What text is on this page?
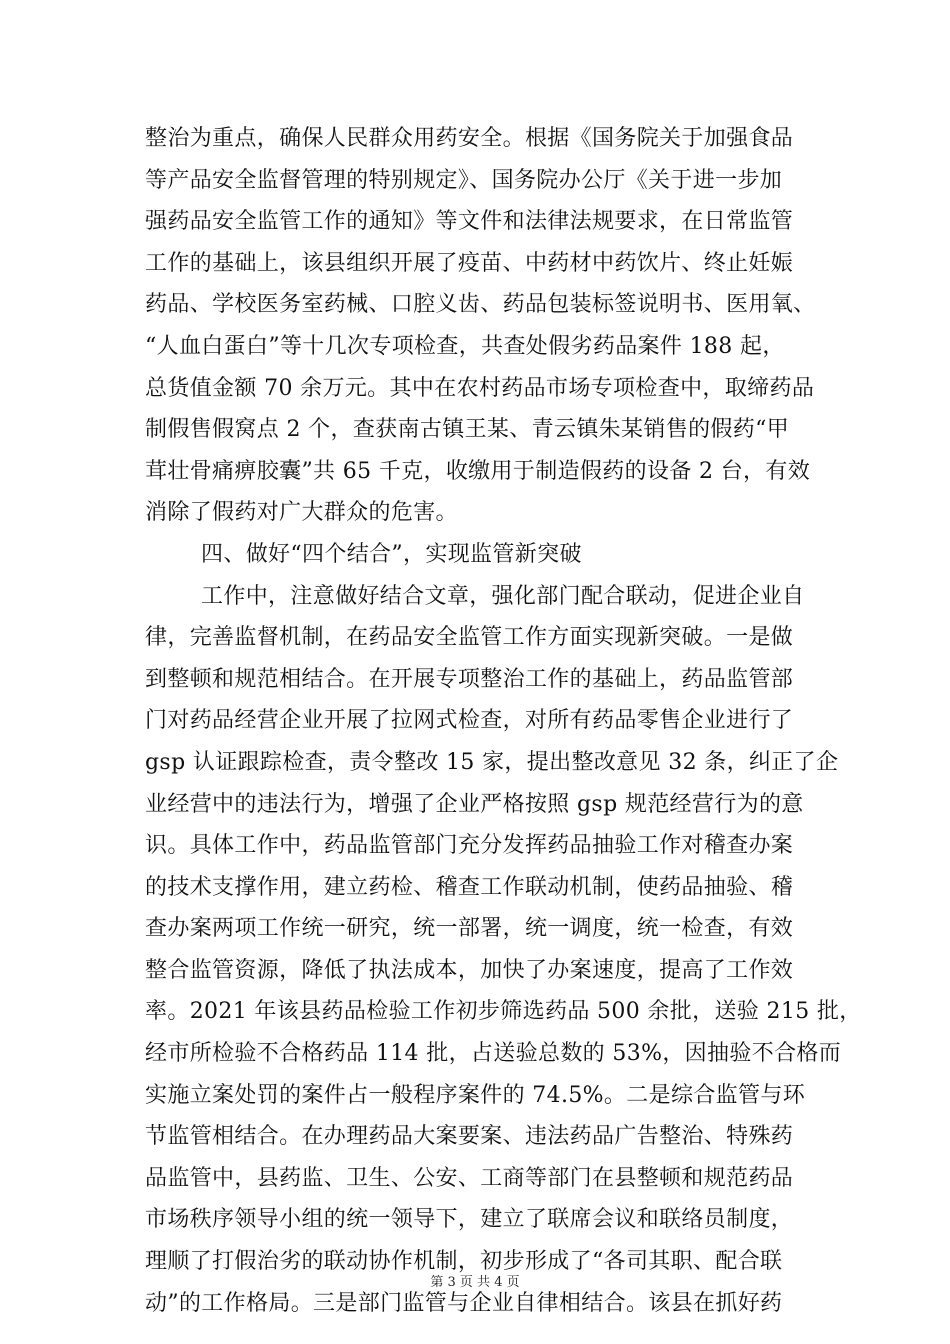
整治为重点，确保人民群众用药安全。根据《国务院关于加强食品
等产品安全监督管理的特别规定》、国务院办公厅《关于进一步加
强药品安全监管工作的通知》等文件和法律法规要求，在日常监管
工作的基础上，该县组织开展了疫苗、中药材中药饮片、终止妊娠
药品、学校医务室药械、口腔义齿、药品包装标签说明书、医用氧、
“人血白蛋白”等十几次专项检查，共查处假劣药品案件 188 起，
总货值金额 70 余万元。其中在农村药品市场专项检查中，取缔药品
制假售假窝点 2 个，查获南古镇王某、青云镇朱某销售的假药“甲
茸壮骨痛痹胶囊”共 65 千克，收缴用于制造假药的设备 2 台，有效
消除了假药对广大群众的危害。
四、做好“四个结合”，实现监管新突破
工作中，注意做好结合文章，强化部门配合联动，促进企业自
律，完善监督机制，在药品安全监管工作方面实现新突破。一是做
到整顿和规范相结合。在开展专项整治工作的基础上，药品监管部
门对药品经营企业开展了拉网式检查，对所有药品零售企业进行了
gsp 认证跟踪检查，责令整改 15 家，提出整改意见 32 条，纠正了企
业经营中的违法行为，增强了企业严格按照 gsp 规范经营行为的意
识。具体工作中，药品监管部门充分发挥药品抽验工作对稽查办案
的技术支撑作用，建立药检、稽查工作联动机制，使药品抽验、稽
查办案两项工作统一研究，统一部署，统一调度，统一检查，有效
整合监管资源，降低了执法成本，加快了办案速度，提高了工作效
率。2021 年该县药品检验工作初步筛选药品 500 余批，送验 215 批，
经市所检验不合格药品 114 批，占送验总数的 53%，因抽验不合格而
实施立案处罚的案件占一般程序案件的 74.5%。二是综合监管与环
节监管相结合。在办理药品大案要案、违法药品广告整治、特殊药
品监管中，县药监、卫生、公安、工商等部门在县整顿和规范药品
市场秩序领导小组的统一领导下，建立了联席会议和联络员制度，
理顺了打假治劣的联动协作机制，初步形成了“各司其职、配合联
动”的工作格局。三是部门监管与企业自律相结合。该县在抓好药
第 3 页 共 4 页
